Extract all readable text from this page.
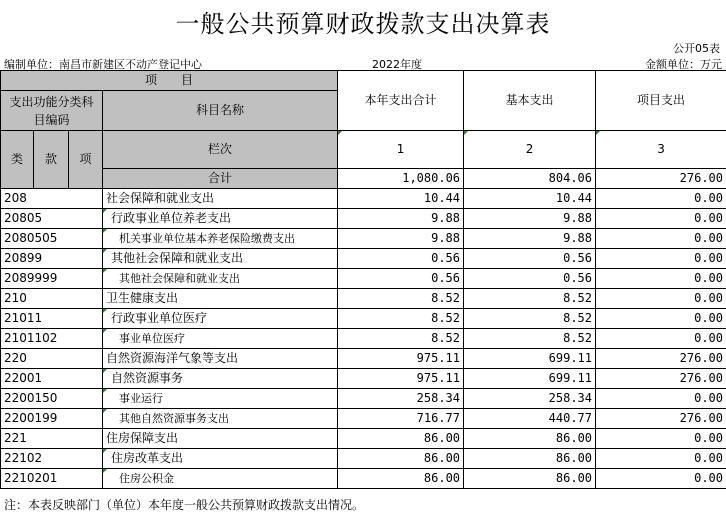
一般公共预算财政拨款支出决算表
公开05表
编制单位：南昌市新建区不动产登记中心	2022年度	金额单位：万元
项　　目				本年支出合计	基本支出	项目支出
支出功能分类科目编码			科目名称			

类	款	项	栏次	1	2	3
			合计	1,080.06	804.06	276.00
208			社会保障和就业支出	10.44	10.44	0.00
20805			行政事业单位养老支出	9.88	9.88	0.00
2080505			机关事业单位基本养老保险缴费支出	9.88	9.88	0.00
20899			其他社会保障和就业支出	0.56	0.56	0.00
2089999			其他社会保障和就业支出	0.56	0.56	0.00
210			卫生健康支出	8.52	8.52	0.00
21011			行政事业单位医疗	8.52	8.52	0.00
2101102			事业单位医疗	8.52	8.52	0.00
220			自然资源海洋气象等支出	975.11	699.11	276.00
22001			自然资源事务	975.11	699.11	276.00
2200150			事业运行	258.34	258.34	0.00
2200199			其他自然资源事务支出	716.77	440.77	276.00
221			住房保障支出	86.00	86.00	0.00
22102			住房改革支出	86.00	86.00	0.00
2210201			住房公积金	86.00	86.00	0.00
注：本表反映部门（单位）本年度一般公共预算财政拨款支出情况。
